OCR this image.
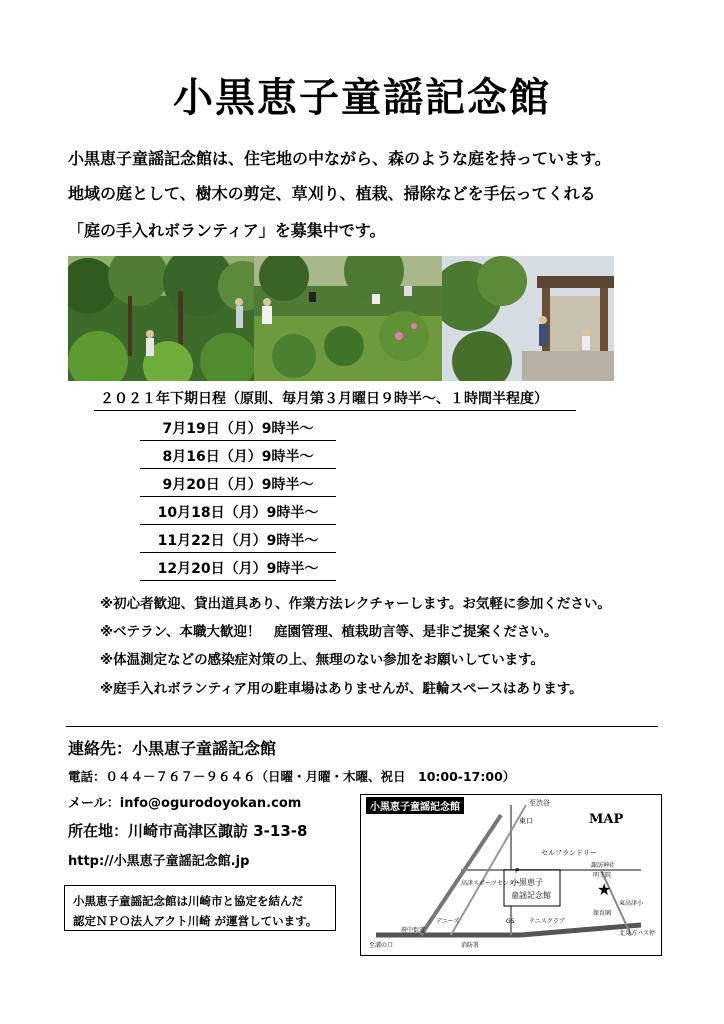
小黒恵子童謡記念館
小黒恵子童謡記念館は、住宅地の中ながら、森のような庭を持っています。
地域の庭として、樹木の剪定、草刈り、植栽、掃除などを手伝ってくれる
「庭の手入れボランティア」を募集中です。
２０２１年下期日程（原則、毎月第３月曜日９時半～、１時間半程度）
7月19日（月）9時半～
8月16日（月）9時半～
9月20日（月）9時半～
10月18日（月）9時半～
11月22日（月）9時半～
12月20日（月）9時半～
※初心者歓迎、貸出道具あり、作業方法レクチャーします。お気軽に参加ください。
※ベテラン、本職大歓迎！　庭園管理、植栽助言等、是非ご提案ください。
※体温測定などの感染症対策の上、無理のない参加をお願いしています。
※庭手入れボランティア用の駐車場はありませんが、駐輪スペースはあります。
連絡先：小黒恵子童謡記念館
電話：０４４－７６７－９６４６（日曜・月曜・木曜、祝日　10:00-17:00）
メール：info@ogurodoyokan.com
所在地：川崎市高津区諏訪 3-13-8
http://小黒恵子童謡記念館.jp
小黒恵子童謡記念館は川崎市と協定を結んだ
認定ＮＰＯ法人アクト川崎 が運営しています。
小黒恵子
童謡記念館	★
MAP
至渋谷
東口
セルフランドリー
高津スポーツセンター
諏訪神社
明王院
テニスクラブ
デニーズ	GS
消防署
保育園
東高津小
北見方バス停
至溝の口
府中街道
P
小黒恵子童謡記念館
